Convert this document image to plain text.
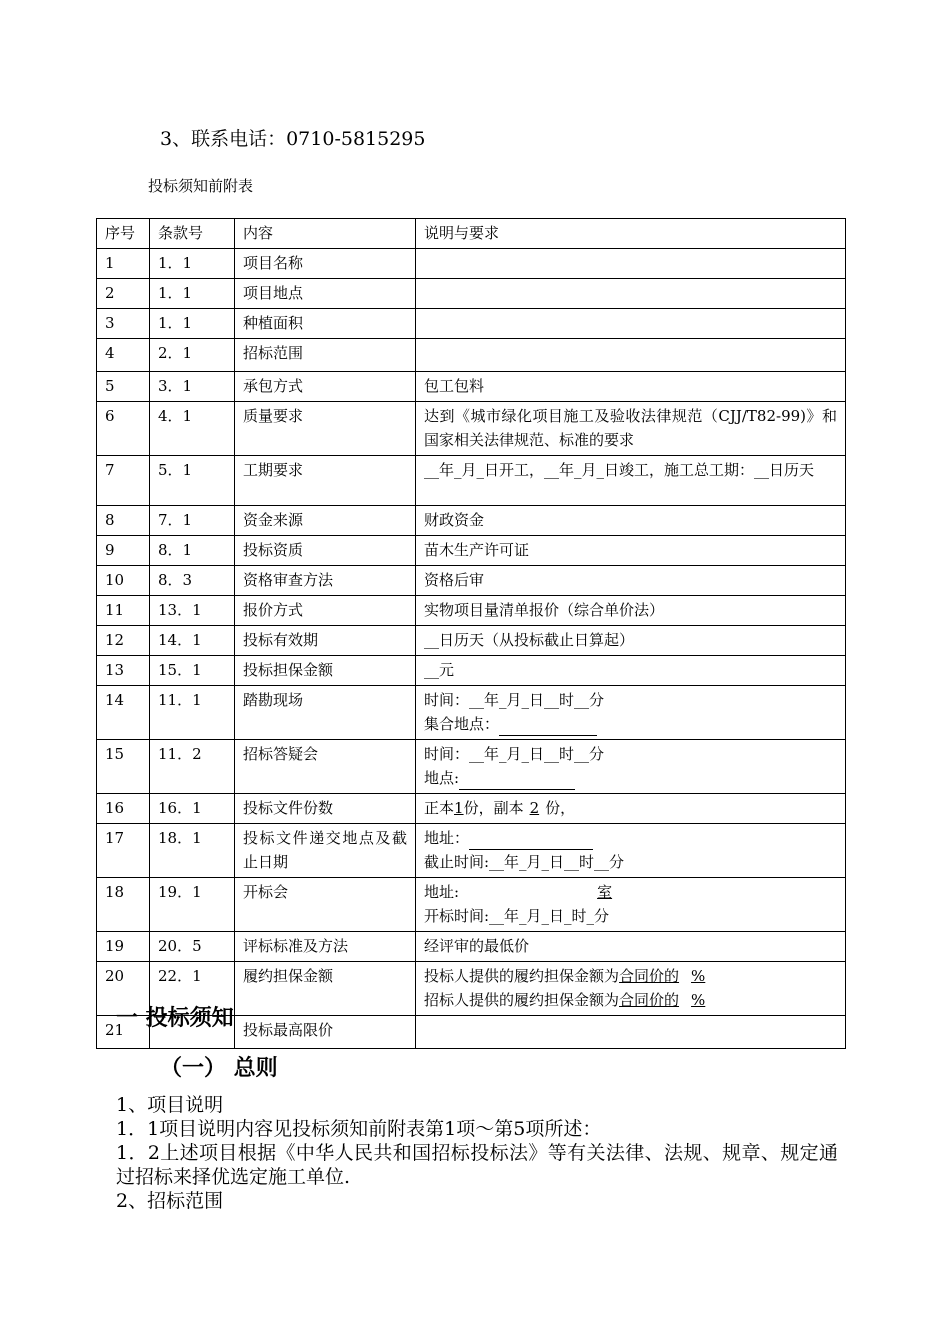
3、联系电话：0710-5815295
投标须知前附表
序号	条款号	内容	说明与要求
1	1．1	项目名称	
2	1．1	项目地点	
3	1．1	种植面积	
4	2．1	招标范围	
5	3．1	承包方式	包工包料
6	4．1	质量要求	达到《城市绿化项目施工及验收法律规范（CJJ/T82-99)》和国家相关法律规范、标准的要求
7	5．1	工期要求	__年_月_日开工，__年_月_日竣工，施工总工期：__日历天
8	7．1	资金来源	财政资金
9	8．1	投标资质	苗木生产许可证
10	8．3	资格审查方法	资格后审
11	13．1	报价方式	实物项目量清单报价（综合单价法）
12	14．1	投标有效期	__日历天（从投标截止日算起）
13	15．1	投标担保金额	__元
14	11．1	踏勘现场	时间：__年_月_日__时__分
集合地点：

15	11．2	招标答疑会	时间：__年_月_日__时__分
地点:

16	16．1	投标文件份数	正本1份，副本 2 份，
17	18．1	投标文件递交地点及截止日期	地址：
截止时间:__年_月_日__时__分

18	19．1	开标会	地址: 室
开标时间:__年_月_日_时_分

19	20．5	评标标准及方法	经评审的最低价
20	22．1	履约担保金额	投标人提供的履约担保金额为合同价的 %
招标人提供的履约担保金额为合同价的 %

21		投标最高限价	
一 投标须知
（一） 总则

1、项目说明

1．1项目说明内容见投标须知前附表第1项～第5项所述：

1．2上述项目根据《中华人民共和国招标投标法》等有关法律、法规、规章、规定通过招标来择优选定施工单位.

2、招标范围
